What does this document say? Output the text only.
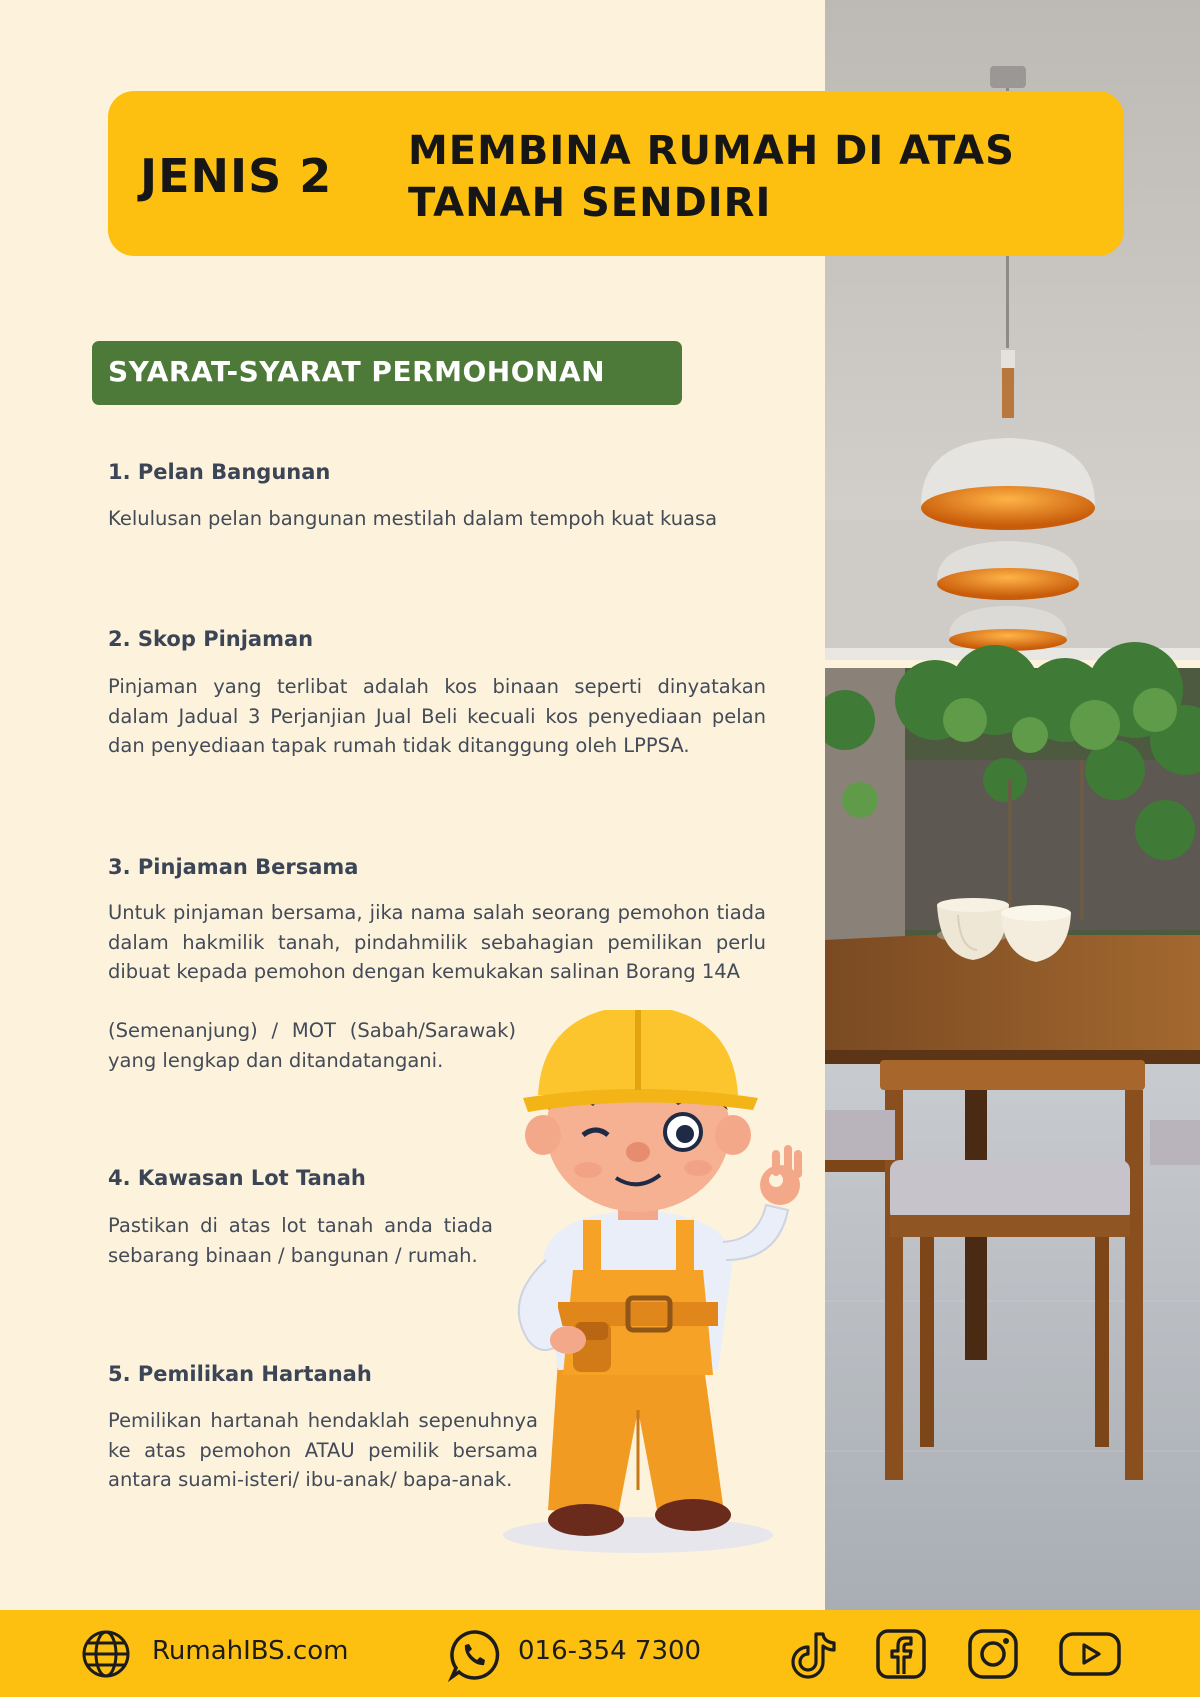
JENIS 2 MEMBINA RUMAH DI ATAS TANAH SENDIRI
SYARAT-SYARAT PERMOHONAN
1. Pelan Bangunan

Kelulusan pelan bangunan mestilah dalam tempoh kuat kuasa

2. Skop Pinjaman

Pinjaman yang terlibat adalah kos binaan seperti dinyatakan dalam Jadual 3 Perjanjian Jual Beli kecuali kos penyediaan pelan dan penyediaan tapak rumah tidak ditanggung oleh LPPSA.

3. Pinjaman Bersama

Untuk pinjaman bersama, jika nama salah seorang pemohon tiada dalam hakmilik tanah, pindahmilik sebahagian pemilikan perlu dibuat kepada pemohon dengan kemukakan salinan Borang 14A

(Semenanjung) / MOT (Sabah/Sarawak) yang lengkap dan ditandatangani.

4. Kawasan Lot Tanah

Pastikan di atas lot tanah anda tiada sebarang binaan / bangunan / rumah.

5. Pemilikan Hartanah

Pemilikan hartanah hendaklah sepenuhnya ke atas pemohon ATAU pemilik bersama antara suami-isteri/ ibu-anak/ bapa-anak.

RumahIBS.com	016-354 7300
